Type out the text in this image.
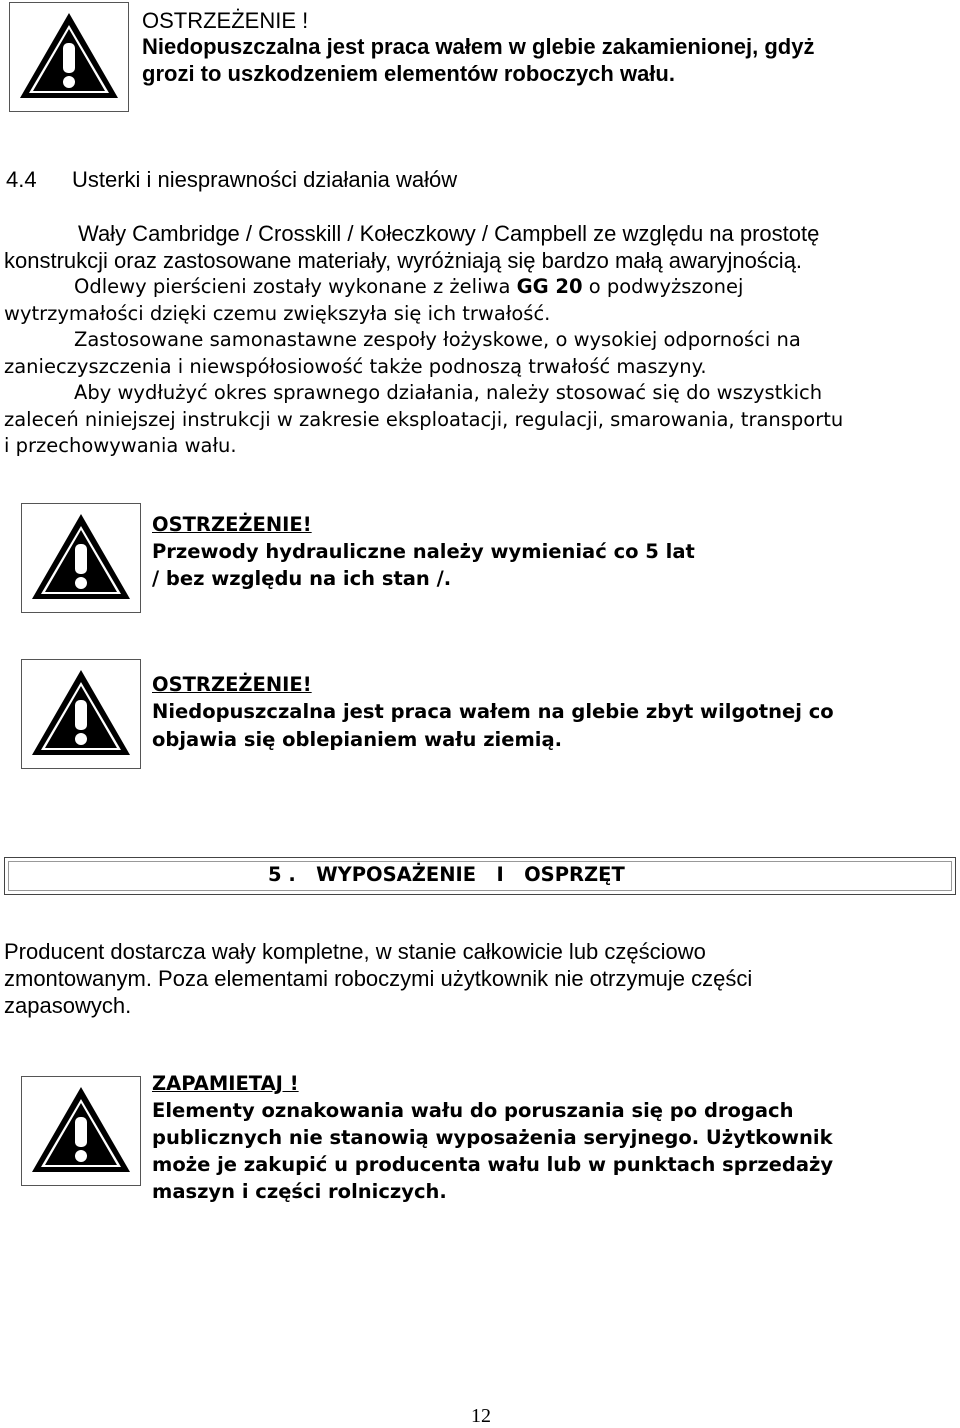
OSTRZEŻENIE !
Niedopuszczalna jest praca wałem w glebie zakamienionej, gdyż
grozi to uszkodzeniem elementów roboczych wału.
4.4 Usterki i niesprawności działania wałów
Wały Cambridge / Crosskill / Kołeczkowy / Campbell ze względu na prostotę
konstrukcji oraz zastosowane materiały, wyróżniają się bardzo małą awaryjnością.
Odlewy pierścieni zostały wykonane z żeliwa GG 20 o podwyższonej
wytrzymałości dzięki czemu zwiększyła się ich trwałość.
Zastosowane samonastawne zespoły łożyskowe, o wysokiej odporności na
zanieczyszczenia i niewspółosiowość także podnoszą trwałość maszyny.
Aby wydłużyć okres sprawnego działania, należy stosować się do wszystkich
zaleceń niniejszej instrukcji w zakresie eksploatacji, regulacji, smarowania, transportu
i przechowywania wału.
OSTRZEŻENIE!
Przewody hydrauliczne należy wymieniać co 5 lat
/ bez względu na ich stan /.
OSTRZEŻENIE!
Niedopuszczalna jest praca wałem na glebie zbyt wilgotnej co
objawia się oblepianiem wału ziemią.
5 .   WYPOSAŻENIE   I   OSPRZĘT
Producent dostarcza wały kompletne, w stanie całkowicie lub częściowo
zmontowanym. Poza elementami roboczymi użytkownik nie otrzymuje części
zapasowych.
ZAPAMIETAJ !
Elementy oznakowania wału do poruszania się po drogach
publicznych nie stanowią wyposażenia seryjnego. Użytkownik
może je zakupić u producenta wału lub w punktach sprzedaży
maszyn i części rolniczych.
12
